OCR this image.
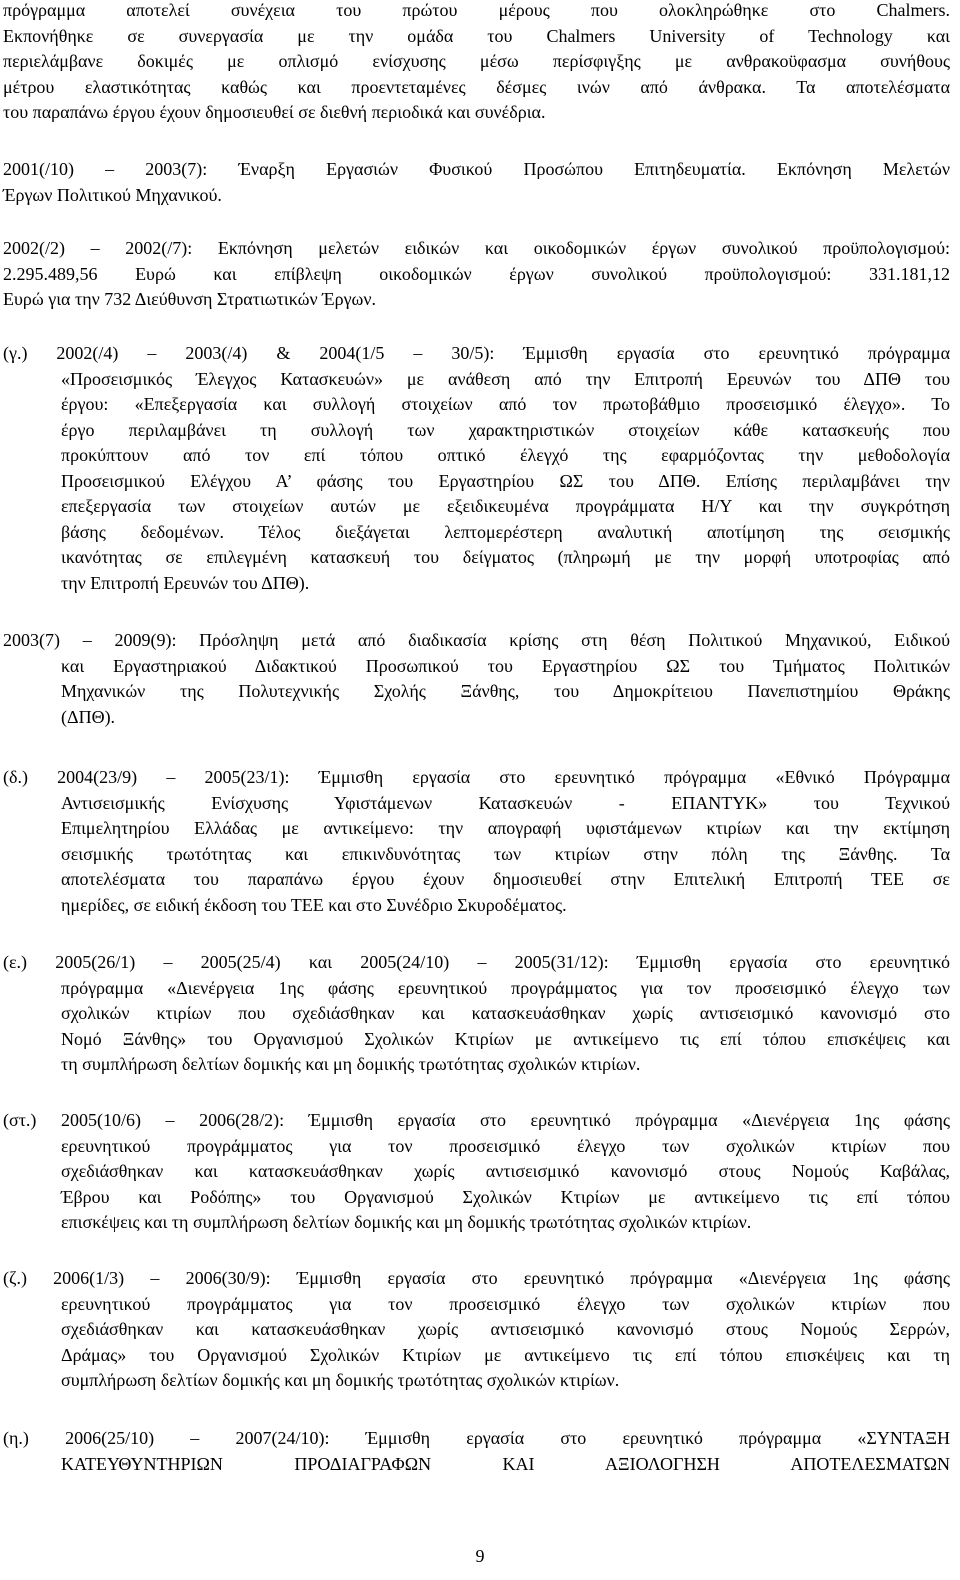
πρόγραμμα αποτελεί συνέχεια του πρώτου μέρους που ολοκληρώθηκε στο Chalmers.
Εκπονήθηκε σε συνεργασία με την ομάδα του Chalmers University of Technology και
περιελάμβανε δοκιμές με οπλισμό ενίσχυσης μέσω περίσφιγξης με ανθρακοϋφασμα συνήθους
μέτρου ελαστικότητας καθώς και προεντεταμένες δέσμες ινών από άνθρακα. Τα αποτελέσματα
του παραπάνω έργου έχουν δημοσιευθεί σε διεθνή περιοδικά και συνέδρια.
2001(/10) – 2003(7): Έναρξη Εργασιών Φυσικού Προσώπου Επιτηδευματία. Εκπόνηση Μελετών
Έργων Πολιτικού Μηχανικού.
2002(/2) – 2002(/7): Εκπόνηση μελετών ειδικών και οικοδομικών έργων συνολικού προϋπολογισμού:
2.295.489,56 Ευρώ και επίβλεψη οικοδομικών έργων συνολικού προϋπολογισμού: 331.181,12
Ευρώ για την 732 Διεύθυνση Στρατιωτικών Έργων.
(γ.) 2002(/4) – 2003(/4) & 2004(1/5 – 30/5): Έμμισθη εργασία στο ερευνητικό πρόγραμμα
«Προσεισμικός Έλεγχος Κατασκευών» με ανάθεση από την Επιτροπή Ερευνών του ΔΠΘ του
έργου: «Επεξεργασία και συλλογή στοιχείων από τον πρωτοβάθμιο προσεισμικό έλεγχο». Το
έργο περιλαμβάνει τη συλλογή των χαρακτηριστικών στοιχείων κάθε κατασκευής που
προκύπτουν από τον επί τόπου οπτικό έλεγχό της εφαρμόζοντας την μεθοδολογία
Προσεισμικού Ελέγχου Α’ φάσης του Εργαστηρίου ΩΣ του ΔΠΘ. Επίσης περιλαμβάνει την
επεξεργασία των στοιχείων αυτών με εξειδικευμένα προγράμματα Η/Υ και την συγκρότηση
βάσης δεδομένων. Τέλος διεξάγεται λεπτομερέστερη αναλυτική αποτίμηση της σεισμικής
ικανότητας σε επιλεγμένη κατασκευή του δείγματος (πληρωμή με την μορφή υποτροφίας από
την Επιτροπή Ερευνών του ΔΠΘ).
2003(7) – 2009(9): Πρόσληψη μετά από διαδικασία κρίσης στη θέση Πολιτικού Μηχανικού, Ειδικού
και Εργαστηριακού Διδακτικού Προσωπικού του Εργαστηρίου ΩΣ του Τμήματος Πολιτικών
Μηχανικών της Πολυτεχνικής Σχολής Ξάνθης, του Δημοκρίτειου Πανεπιστημίου Θράκης
(ΔΠΘ).
(δ.) 2004(23/9) – 2005(23/1): Έμμισθη εργασία στο ερευνητικό πρόγραμμα «Εθνικό Πρόγραμμα
Αντισεισμικής Ενίσχυσης Υφιστάμενων Κατασκευών - ΕΠΑΝΤΥΚ» του Τεχνικού
Επιμελητηρίου Ελλάδας με αντικείμενο: την απογραφή υφιστάμενων κτιρίων και την εκτίμηση
σεισμικής τρωτότητας και επικινδυνότητας των κτιρίων στην πόλη της Ξάνθης. Τα
αποτελέσματα του παραπάνω έργου έχουν δημοσιευθεί στην Επιτελική Επιτροπή ΤΕΕ σε
ημερίδες, σε ειδική έκδοση του ΤΕΕ και στο Συνέδριο Σκυροδέματος.
(ε.) 2005(26/1) – 2005(25/4) και 2005(24/10) – 2005(31/12): Έμμισθη εργασία στο ερευνητικό
πρόγραμμα «Διενέργεια 1ης φάσης ερευνητικού προγράμματος για τον προσεισμικό έλεγχο των
σχολικών κτιρίων που σχεδιάσθηκαν και κατασκευάσθηκαν χωρίς αντισεισμικό κανονισμό στο
Νομό Ξάνθης» του Οργανισμού Σχολικών Κτιρίων με αντικείμενο τις επί τόπου επισκέψεις και
τη συμπλήρωση δελτίων δομικής και μη δομικής τρωτότητας σχολικών κτιρίων.
(στ.) 2005(10/6) – 2006(28/2): Έμμισθη εργασία στο ερευνητικό πρόγραμμα «Διενέργεια 1ης φάσης
ερευνητικού προγράμματος για τον προσεισμικό έλεγχο των σχολικών κτιρίων που
σχεδιάσθηκαν και κατασκευάσθηκαν χωρίς αντισεισμικό κανονισμό στους Νομούς Καβάλας,
Έβρου και Ροδόπης» του Οργανισμού Σχολικών Κτιρίων με αντικείμενο τις επί τόπου
επισκέψεις και τη συμπλήρωση δελτίων δομικής και μη δομικής τρωτότητας σχολικών κτιρίων.
(ζ.) 2006(1/3) – 2006(30/9): Έμμισθη εργασία στο ερευνητικό πρόγραμμα «Διενέργεια 1ης φάσης
ερευνητικού προγράμματος για τον προσεισμικό έλεγχο των σχολικών κτιρίων που
σχεδιάσθηκαν και κατασκευάσθηκαν χωρίς αντισεισμικό κανονισμό στους Νομούς Σερρών,
Δράμας» του Οργανισμού Σχολικών Κτιρίων με αντικείμενο τις επί τόπου επισκέψεις και τη
συμπλήρωση δελτίων δομικής και μη δομικής τρωτότητας σχολικών κτιρίων.
(η.) 2006(25/10) – 2007(24/10): Έμμισθη εργασία στο ερευνητικό πρόγραμμα «ΣΥΝΤΑΞΗ
ΚΑΤΕΥΘΥΝΤΗΡΙΩΝ ΠΡΟΔΙΑΓΡΑΦΩΝ ΚΑΙ ΑΞΙΟΛΟΓΗΣΗ ΑΠΟΤΕΛΕΣΜΑΤΩΝ
9
